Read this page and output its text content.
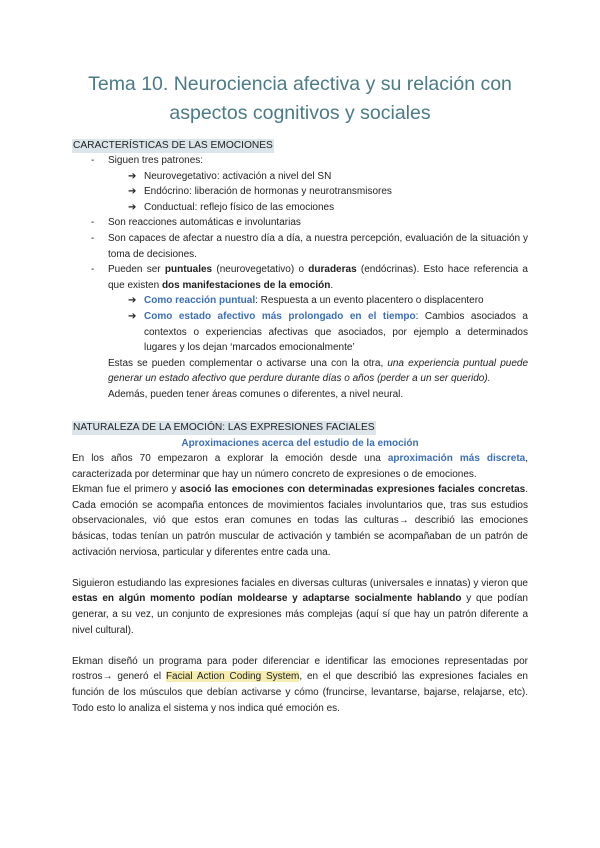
Tema 10. Neurociencia afectiva y su relación con aspectos cognitivos y sociales
CARACTERÍSTICAS DE LAS EMOCIONES
- Siguen tres patrones:
➔ Neurovegetativo: activación a nivel del SN
➔ Endócrino: liberación de hormonas y neurotransmisores
➔ Conductual: reflejo físico de las emociones
- Son reacciones automáticas e involuntarias
- Son capaces de afectar a nuestro día a día, a nuestra percepción, evaluación de la situación y toma de decisiones.
- Pueden ser puntuales (neurovegetativo) o duraderas (endócrinas). Esto hace referencia a que existen dos manifestaciones de la emoción.
➔ Como reacción puntual: Respuesta a un evento placentero o displacentero
➔ Como estado afectivo más prolongado en el tiempo: Cambios asociados a contextos o experiencias afectivas que asociados, por ejemplo a determinados lugares y los dejan ‘marcados emocionalmente’
Estas se pueden complementar o activarse una con la otra, una experiencia puntual puede generar un estado afectivo que perdure durante días o años (perder a un ser querido).
Además, pueden tener áreas comunes o diferentes, a nivel neural.
NATURALEZA DE LA EMOCIÓN: LAS EXPRESIONES FACIALES
Aproximaciones acerca del estudio de la emoción

En los años 70 empezaron a explorar la emoción desde una aproximación más discreta, caracterizada por determinar que hay un número concreto de expresiones o de emociones.

Ekman fue el primero y asoció las emociones con determinadas expresiones faciales concretas. Cada emoción se acompaña entonces de movimientos faciales involuntarios que, tras sus estudios observacionales, vió que estos eran comunes en todas las culturas→ describió las emociones básicas, todas tenían un patrón muscular de activación y también se acompañaban de un patrón de activación nerviosa, particular y diferentes entre cada una.

Siguieron estudiando las expresiones faciales en diversas culturas (universales e innatas) y vieron que estas en algún momento podían moldearse y adaptarse socialmente hablando y que podían generar, a su vez, un conjunto de expresiones más complejas (aquí sí que hay un patrón diferente a nivel cultural).

Ekman diseñó un programa para poder diferenciar e identificar las emociones representadas por rostros→ generó el Facial Action Coding System, en el que describió las expresiones faciales en función de los músculos que debían activarse y cómo (fruncirse, levantarse, bajarse, relajarse, etc). Todo esto lo analiza el sistema y nos indica qué emoción es.
